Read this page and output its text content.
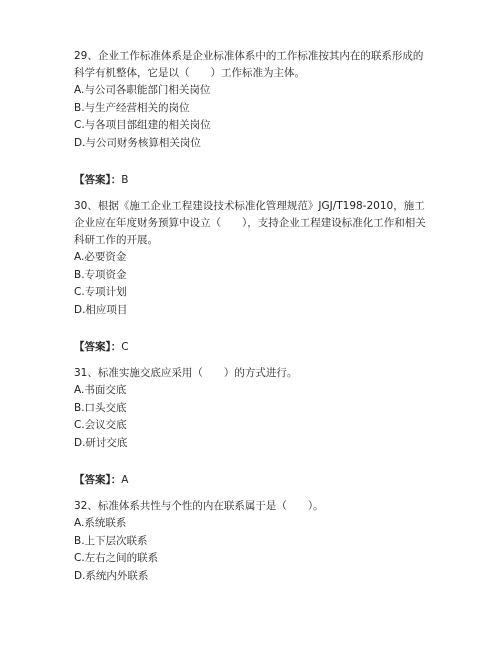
29、企业工作标准体系是企业标准体系中的工作标准按其内在的联系形成的科学有机整体，它是以（　　）工作标准为主体。

A.与公司各职能部门相关岗位
B.与生产经营相关的岗位
C.与各项目部组建的相关岗位
D.与公司财务核算相关岗位
【答案】：B

30、根据《施工企业工程建设技术标准化管理规范》JGJ/T198-2010，施工企业应在年度财务预算中设立（　　），支持企业工程建设标准化工作和相关科研工作的开展。

A.必要资金
B.专项资金
C.专项计划
D.相应项目
【答案】：C

31、标准实施交底应采用（　　）的方式进行。

A.书面交底
B.口头交底
C.会议交底
D.研讨交底
【答案】：A

32、标准体系共性与个性的内在联系属于是（　　）。

A.系统联系
B.上下层次联系
C.左右之间的联系
D.系统内外联系
